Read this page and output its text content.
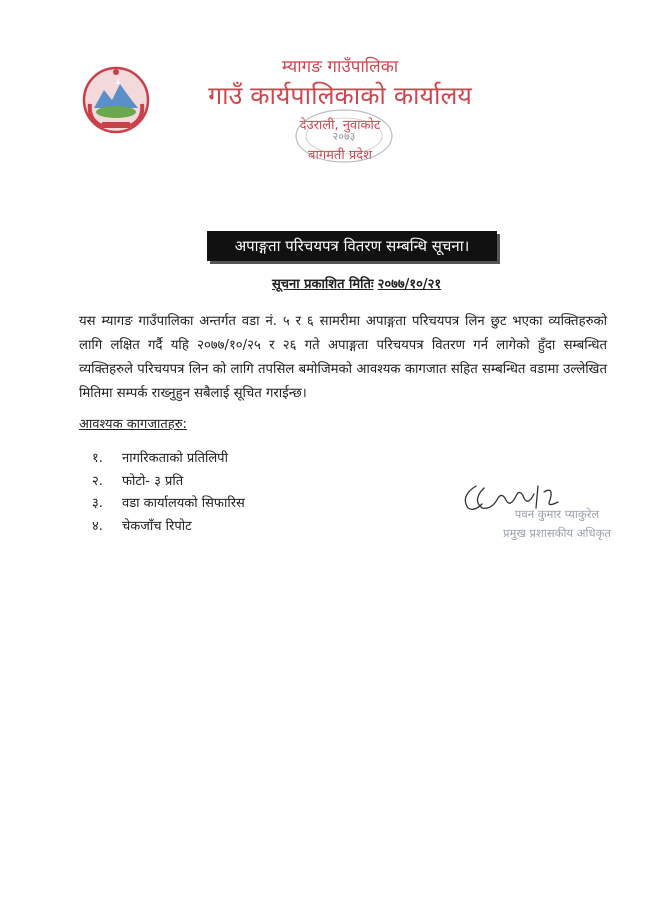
म्यागङ गाउँपालिका
गाउँ कार्यपालिकाको कार्यालय
देउराली, नुवाकोट
बागमती प्रदेश
२०७३
अपाङ्गता परिचयपत्र वितरण सम्बन्धि सूचना।
सूचना प्रकाशित मितिः २०७७/१०/२१
यस म्यागङ गाउँपालिका अन्तर्गत वडा नं. ५ र ६ सामरीमा अपाङ्गता परिचयपत्र लिन छुट भएका व्यक्तिहरुको लागि लक्षित गर्दै यहि २०७७/१०/२५ र २६ गते अपाङ्गता परिचयपत्र वितरण गर्न लागेको हुँदा सम्बन्धित व्यक्तिहरुले परिचयपत्र लिन को लागि तपसिल बमोजिमको आवश्यक कागजात सहित सम्बन्धित वडामा उल्लेखित मितिमा सम्पर्क राख्नुहुन सबैलाई सूचित गराईन्छ।
आवश्यक कागजातहरु:
१. नागरिकताको प्रतिलिपी
२. फोटो- ३ प्रति
३. वडा कार्यालयको सिफारिस
४. चेकजाँच रिपोट
पवन कुमार प्याकुरेल
प्रमुख प्रशासकीय अधिकृत
